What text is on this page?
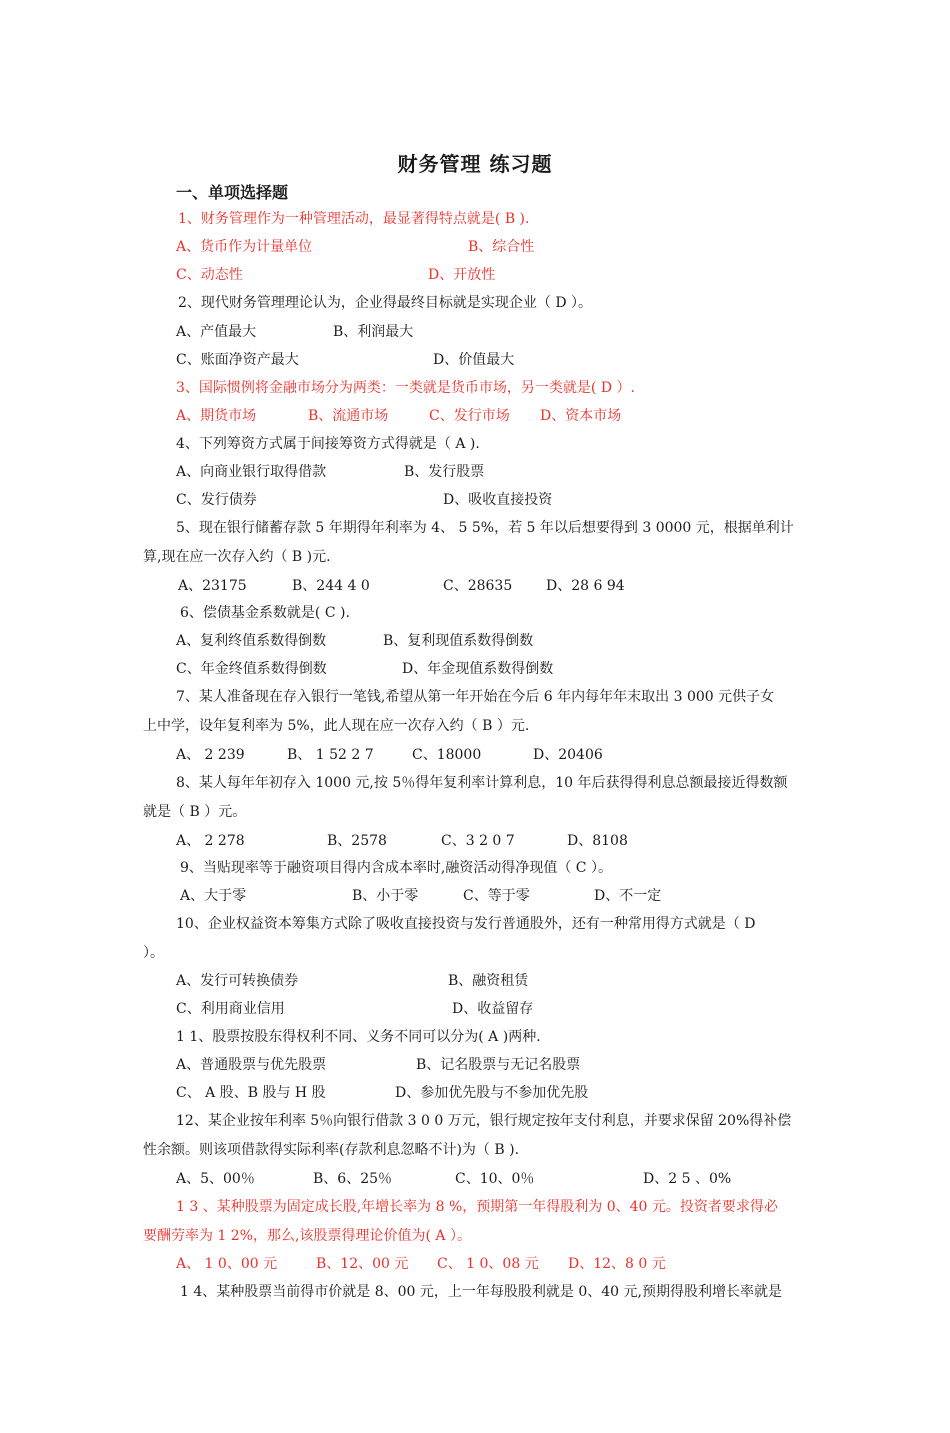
财务管理 练习题
一、单项选择题
1、财务管理作为一种管理活动，最显著得特点就是( B ).
A、货币作为计量单位	B、综合性
C、动态性	D、开放性
2、现代财务管理理论认为，企业得最终目标就是实现企业（ D ）。
A、产值最大	B、利润最大
C、账面净资产最大	D、价值最大
3、国际惯例将金融市场分为两类：一类就是货币市场，另一类就是( D ）.
A、期货市场	B、流通市场	C、发行市场 D、资本市场
4、下列筹资方式属于间接筹资方式得就是（ A ).
A、向商业银行取得借款	B、发行股票
C、发行债券	D、吸收直接投资
5、现在银行储蓄存款 5 年期得年利率为 4、 5 5%，若 5 年以后想要得到 3 0000 元，根据单利计
算,现在应一次存入约（ B )元.
A、23175	B、244 4 0	C、28635 D、28 6 94
6、偿债基金系数就是( C ).
A、复利终值系数得倒数	B、复利现值系数得倒数
C、年金终值系数得倒数	D、年金现值系数得倒数
7、某人准备现在存入银行一笔钱,希望从第一年开始在今后 6 年内每年年末取出 3 000 元供子女
上中学，设年复利率为 5%，此人现在应一次存入约（ B ）元.
A、 2 239	B、 1 52 2 7	C、18000	D、20406
8、某人每年年初存入 1000 元,按 5％得年复利率计算利息，10 年后获得得利息总额最接近得数额
就是（ B ）元。
A、 2 278	B、2578	C、3 2 0 7	D、8108
9、当贴现率等于融资项目得内含成本率时,融资活动得净现值（ C ）。
A、大于零	B、小于零	C、等于零	D、不一定
10、企业权益资本筹集方式除了吸收直接投资与发行普通股外，还有一种常用得方式就是（ D
）。
A、发行可转换债券	B、融资租赁
C、利用商业信用	D、收益留存
1 1、股票按股东得权利不同、义务不同可以分为( A )两种.
A、普通股票与优先股票	B、记名股票与无记名股票
C、 A 股、B 股与 H 股	D、参加优先股与不参加优先股
12、某企业按年利率 5％向银行借款 3 0 0 万元，银行规定按年支付利息，并要求保留 20%得补偿
性余额。则该项借款得实际利率(存款利息忽略不计)为（ B ).
A、5、00％	B、6、25％	C、10、0％	D、2 5 、0%
1 3 、某种股票为固定成长股,年增长率为 8 %，预期第一年得股利为 0、40 元。投资者要求得必
要酬劳率为 1 2%，那么,该股票得理论价值为( A ）。
A、 1 0、00 元	B、12、00 元 C、 1 0、08 元 D、12、8 0 元
1 4、某种股票当前得市价就是 8、00 元，上一年每股股利就是 0、40 元,预期得股利增长率就是
